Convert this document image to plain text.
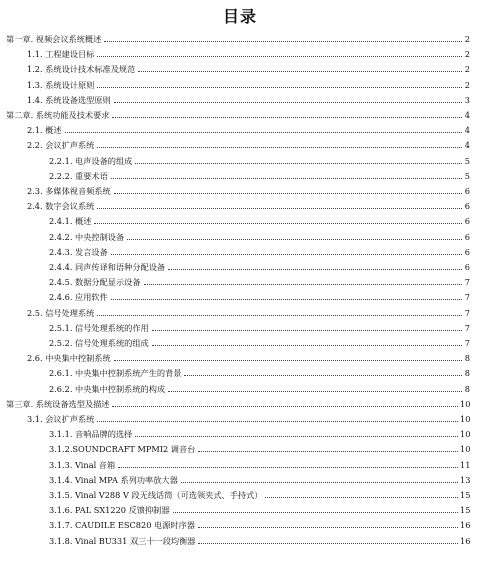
目录
第一章. 视频会议系统概述	2
1.1. 工程建设目标	2
1.2. 系统设计技术标准及规范	2
1.3. 系统设计原则	2
1.4. 系统设备选型原则	3
第二章. 系统功能及技术要求	4
2.1. 概述	4
2.2. 会议扩声系统	4
2.2.1. 电声设备的组成	5
2.2.2. 重要术语	5
2.3. 多媒体视音频系统	6
2.4. 数字会议系统	6
2.4.1. 概述	6
2.4.2. 中央控制设备	6
2.4.3. 发言设备	6
2.4.4. 同声传译和语种分配设备	6
2.4.5. 数据分配显示设备	7
2.4.6. 应用软件	7
2.5. 信号处理系统	7
2.5.1. 信号处理系统的作用	7
2.5.2. 信号处理系统的组成	7
2.6. 中央集中控制系统	8
2.6.1. 中央集中控制系统产生的背景	8
2.6.2. 中央集中控制系统的构成	8
第三章. 系统设备选型及描述	10
3.1. 会议扩声系统	10
3.1.1. 音响品牌的选择	10
3.1.2.SOUNDCRAFT MPMI2 调音台	10
3.1.3. Vinal 音箱	11
3.1.4. Vinal MPA 系列功率放大器	13
3.1.5. Vinal V288 V 段无线话筒（可选领夹式、手持式）	15
3.1.6. PAL SX1220 反馈抑制器	15
3.1.7. CAUDILE ESC820 电源时序器	16
3.1.8. Vinal BU331 双三十一段均衡器	16
